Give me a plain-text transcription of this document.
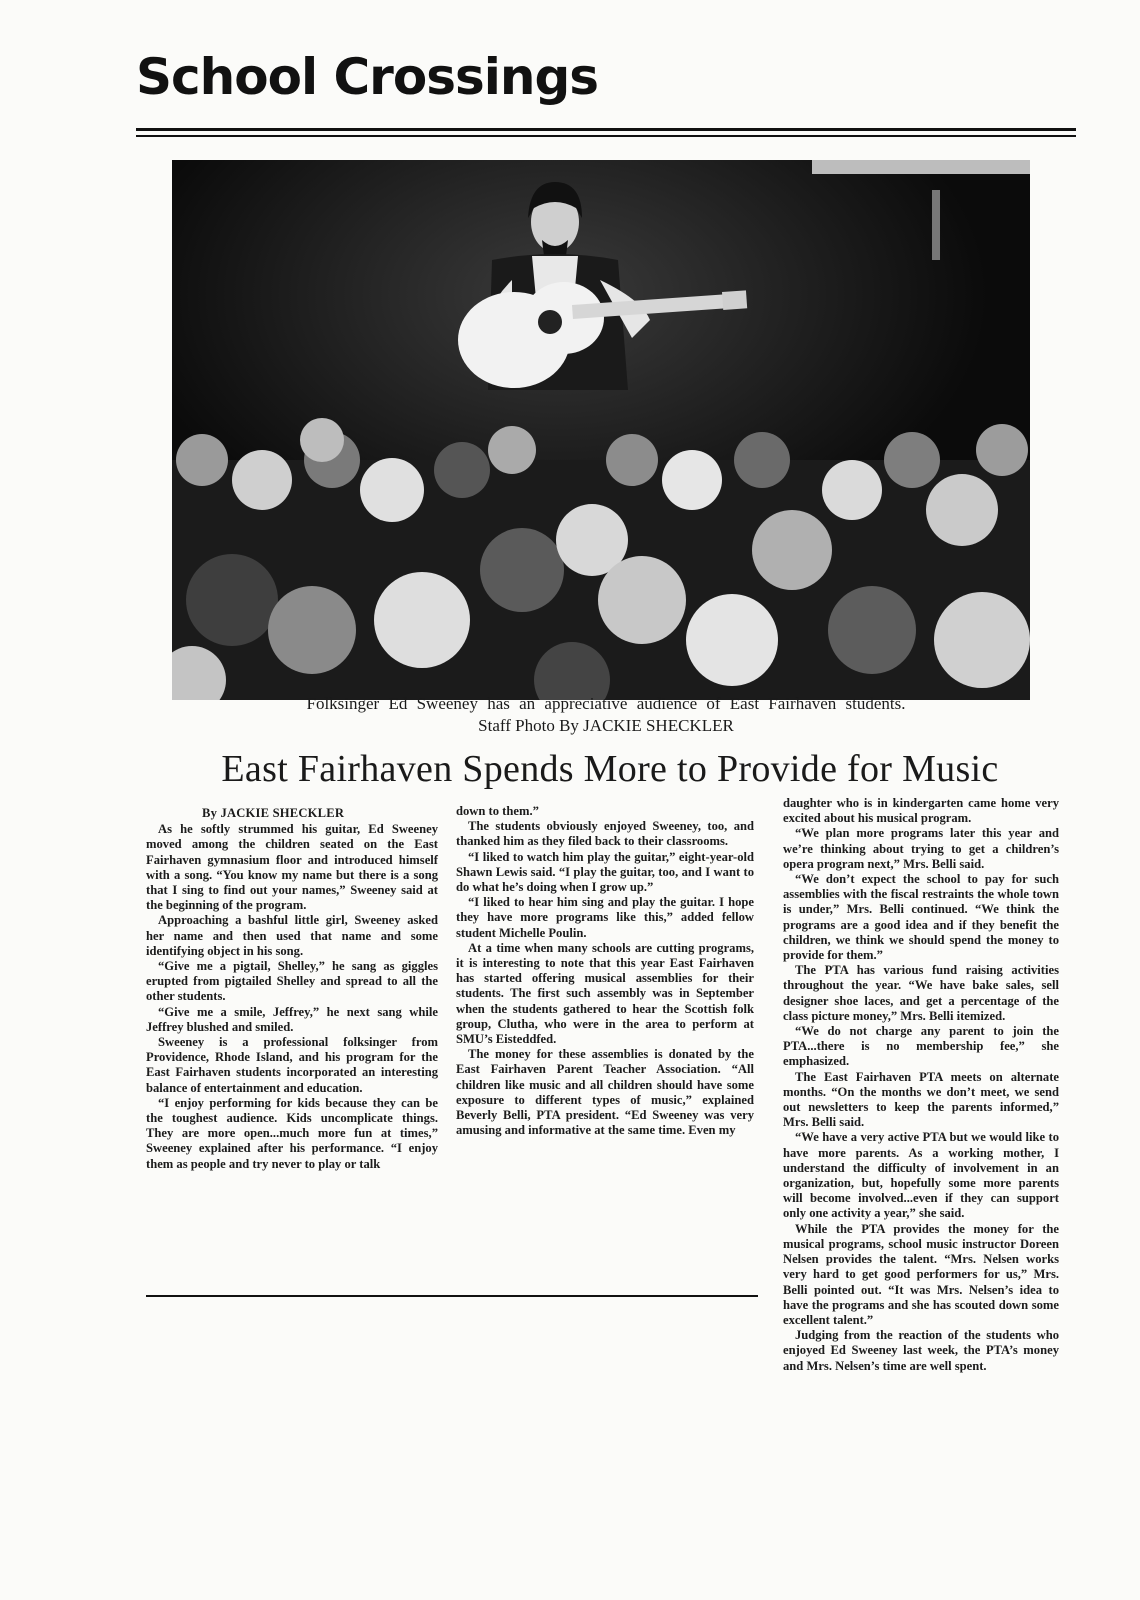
School Crossings

Folksinger Ed Sweeney has an appreciative audience of East Fairhaven students.
Staff Photo By JACKIE SHECKLER

East Fairhaven Spends More to Provide for Music
By JACKIE SHECKLER

As he softly strummed his guitar, Ed Sweeney moved among the children seated on the East Fairhaven gymnasium floor and introduced himself with a song. “You know my name but there is a song that I sing to find out your names,” Sweeney said at the beginning of the program.

Approaching a bashful little girl, Sweeney asked her name and then used that name and some identifying object in his song.

“Give me a pigtail, Shelley,” he sang as giggles erupted from pigtailed Shelley and spread to all the other students.

“Give me a smile, Jeffrey,” he next sang while Jeffrey blushed and smiled.

Sweeney is a professional folksinger from Providence, Rhode Island, and his program for the East Fairhaven students incorporated an interesting balance of entertainment and education.

“I enjoy performing for kids because they can be the toughest audience. Kids uncomplicate things. They are more open...much more fun at times,” Sweeney explained after his performance. “I enjoy them as people and try never to play or talk

down to them.”

The students obviously enjoyed Sweeney, too, and thanked him as they filed back to their classrooms.

“I liked to watch him play the guitar,” eight-year-old Shawn Lewis said. “I play the guitar, too, and I want to do what he’s doing when I grow up.”

“I liked to hear him sing and play the guitar. I hope they have more programs like this,” added fellow student Michelle Poulin.

At a time when many schools are cutting programs, it is interesting to note that this year East Fairhaven has started offering musical assemblies for their students. The first such assembly was in September when the students gathered to hear the Scottish folk group, Clutha, who were in the area to perform at SMU’s Eisteddfed.

The money for these assemblies is donated by the East Fairhaven Parent Teacher Association. “All children like music and all children should have some exposure to different types of music,” explained Beverly Belli, PTA president. “Ed Sweeney was very amusing and informative at the same time. Even my

daughter who is in kindergarten came home very excited about his musical program.

“We plan more programs later this year and we’re thinking about trying to get a children’s opera program next,” Mrs. Belli said.

“We don’t expect the school to pay for such assemblies with the fiscal restraints the whole town is under,” Mrs. Belli continued. “We think the programs are a good idea and if they benefit the children, we think we should spend the money to provide for them.”

The PTA has various fund raising activities throughout the year. “We have bake sales, sell designer shoe laces, and get a percentage of the class picture money,” Mrs. Belli itemized.

“We do not charge any parent to join the PTA...there is no membership fee,” she emphasized.

The East Fairhaven PTA meets on alternate months. “On the months we don’t meet, we send out newsletters to keep the parents informed,” Mrs. Belli said.

“We have a very active PTA but we would like to have more parents. As a working mother, I understand the difficulty of involvement in an organization, but, hopefully some more parents will become involved...even if they can support only one activity a year,” she said.

While the PTA provides the money for the musical programs, school music instructor Doreen Nelsen provides the talent. “Mrs. Nelsen works very hard to get good performers for us,” Mrs. Belli pointed out. “It was Mrs. Nelsen’s idea to have the programs and she has scouted down some excellent talent.”

Judging from the reaction of the students who enjoyed Ed Sweeney last week, the PTA’s money and Mrs. Nelsen’s time are well spent.
